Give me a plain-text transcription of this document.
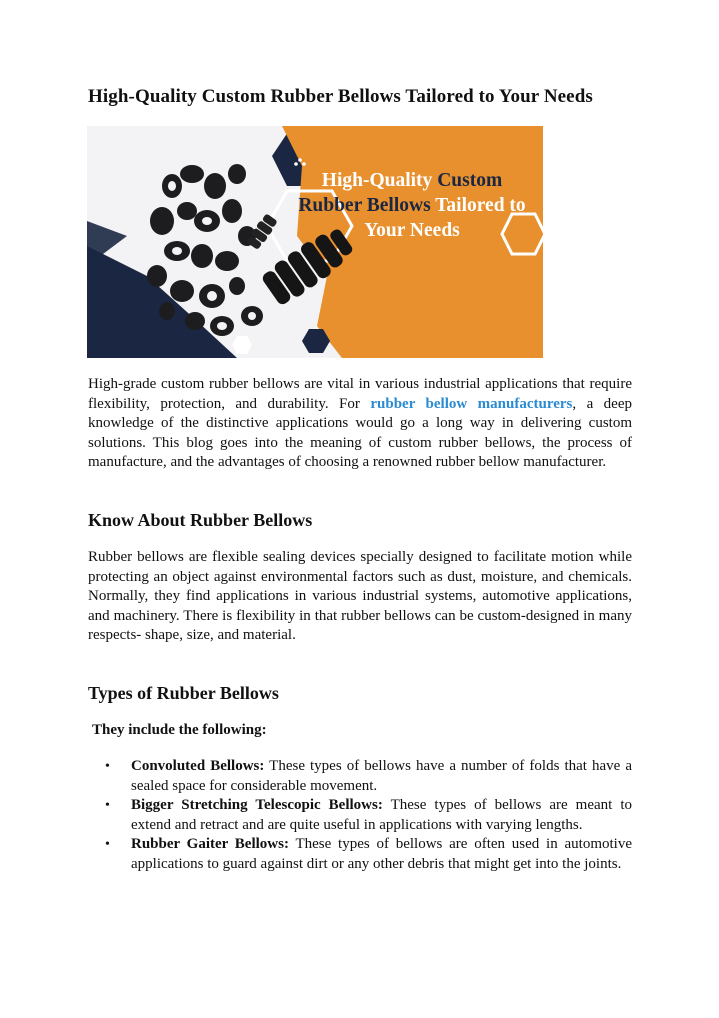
High-Quality Custom Rubber Bellows Tailored to Your Needs
High-Quality Custom
Rubber Bellows Tailored to
Your Needs

High-grade custom rubber bellows are vital in various industrial applications that require flexibility, protection, and durability. For rubber bellow manufacturers, a deep knowledge of the distinctive applications would go a long way in delivering custom solutions. This blog goes into the meaning of custom rubber bellows, the process of manufacture, and the advantages of choosing a renowned rubber bellow manufacturer.

Know About Rubber Bellows

Rubber bellows are flexible sealing devices specially designed to facilitate motion while protecting an object against environmental factors such as dust, moisture, and chemicals. Normally, they find applications in various industrial systems, automotive applications, and machinery. There is flexibility in that rubber bellows can be custom-designed in many respects- shape, size, and material.

Types of Rubber Bellows
They include the following:
• Convoluted Bellows: These types of bellows have a number of folds that have a sealed space for considerable movement.
• Bigger Stretching Telescopic Bellows: These types of bellows are meant to extend and retract and are quite useful in applications with varying lengths.
• Rubber Gaiter Bellows: These types of bellows are often used in automotive applications to guard against dirt or any other debris that might get into the joints.
